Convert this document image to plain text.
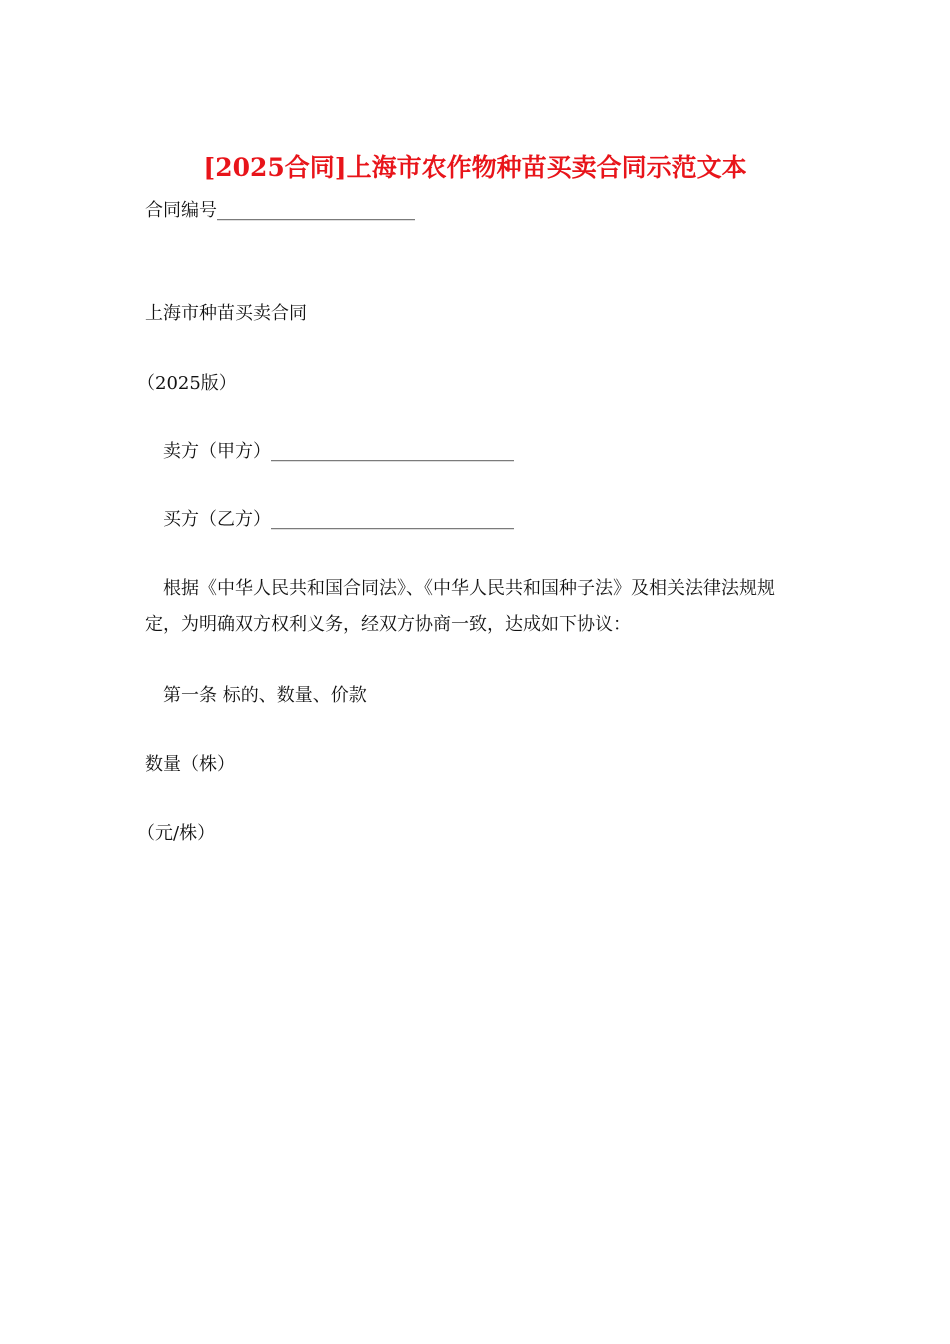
[2025合同]上海市农作物种苗买卖合同示范文本
合同编号______________________
上海市种苗买卖合同
（2025版）
卖方（甲方）___________________________
买方（乙方）___________________________
根据《中华人民共和国合同法》、《中华人民共和国种子法》及相关法律法规规定，为明确双方权利义务，经双方协商一致，达成如下协议：
第一条 标的、数量、价款
数量（株）
（元/株）
